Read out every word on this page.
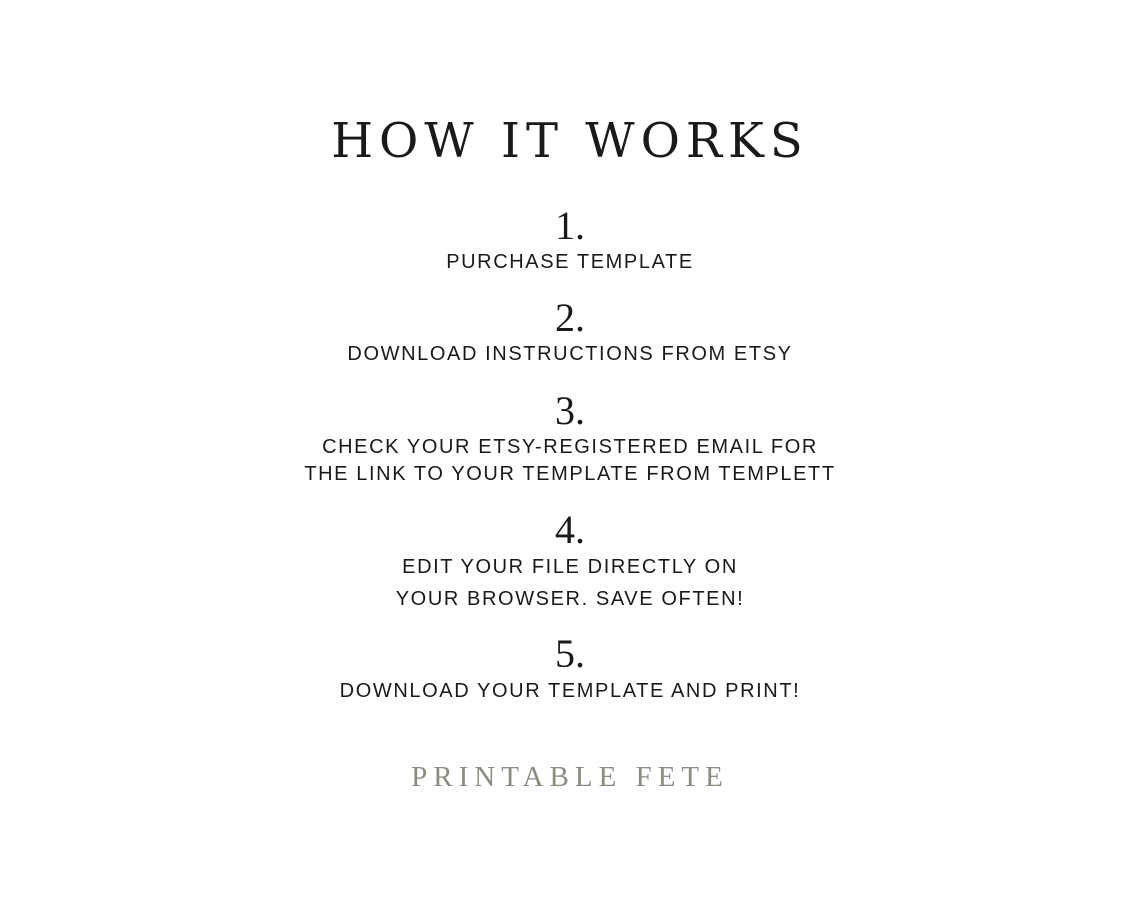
HOW IT WORKS
1.
PURCHASE TEMPLATE
2.
DOWNLOAD INSTRUCTIONS FROM ETSY
3.
CHECK YOUR ETSY-REGISTERED EMAIL FOR
THE LINK TO YOUR TEMPLATE FROM TEMPLETT
4.
EDIT YOUR FILE DIRECTLY ON
YOUR BROWSER. SAVE OFTEN!
5.
DOWNLOAD YOUR TEMPLATE AND PRINT!
PRINTABLE FETE
